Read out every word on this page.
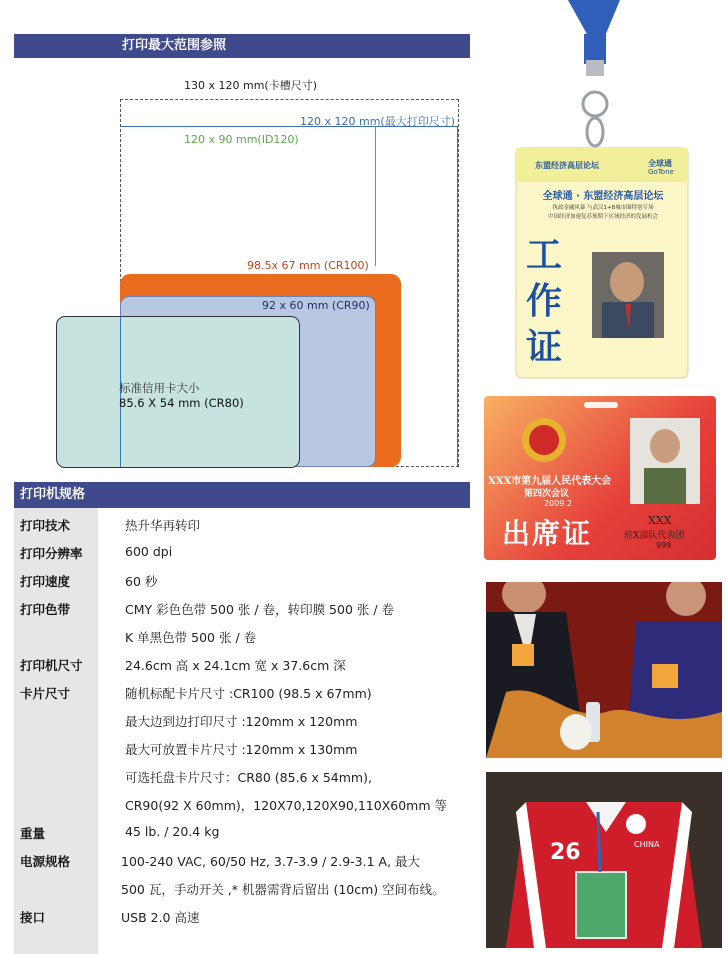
打印最大范围参照
130 x 120 mm(卡槽尺寸)
120 x 120 mm(最大打印尺寸)
120 x 90 mm(ID120)
98.5x 67 mm (CR100)
92 x 60 mm (CR90)
标准信用卡大小
85.6 X 54 mm (CR80)
打印机规格
打印技术	热升华再转印
打印分辨率	600 dpi
打印速度	60 秒
打印色带	CMY 彩色色带 500 张 / 卷，转印膜 500 张 / 卷
K 单黑色带 500 张 / 卷
打印机尺寸	24.6cm 高 x 24.1cm 宽 x 37.6cm 深
卡片尺寸	随机标配卡片尺寸 :CR100 (98.5 x 67mm)
最大边到边打印尺寸 :120mm x 120mm
最大可放置卡片尺寸 :120mm x 130mm
可选托盘卡片尺寸：CR80 (85.6 x 54mm),
CR90(92 X 60mm)，120X70,120X90,110X60mm 等
重量	45 lb. / 20.4 kg
电源规格	100-240 VAC, 60/50 Hz, 3.7-3.9 / 2.9-3.1 A, 最大
500 瓦，手动开关 ,* 机器需背后留出 (10cm) 空间布线。
接口	USB 2.0 高速
东盟经济高层论坛	全球通
GoTone
全球通 · 东盟经济高层论坛
执政金融风暴 与武汉1+8城市圈特别专场
中国经济加速复苏预期下区域经济的发展机会
工
作
证
XXX市第九届人民代表大会
第四次会议
2009.2
出席证	XXX
驻X部队代表团
999
26	CHINA
